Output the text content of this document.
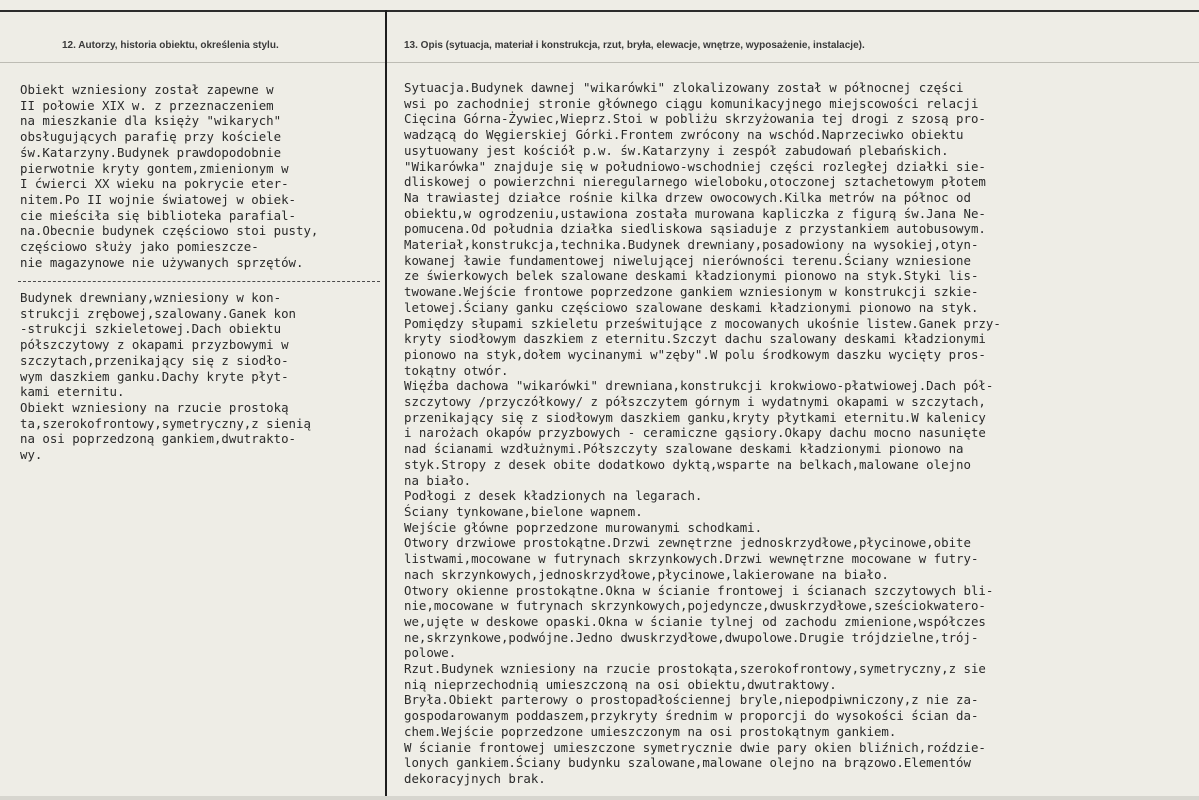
12. Autorzy, historia obiektu, określenia stylu.	13. Opis (sytuacja, materiał i konstrukcja, rzut, bryła, elewacje, wnętrze, wyposażenie, instalacje).
Obiekt wzniesiony został zapewne w
II połowie XIX w. z przeznaczeniem
na mieszkanie dla księży "wikarych"
obsługujących parafię przy kościele
św.Katarzyny.Budynek prawdopodobnie
pierwotnie kryty gontem,zmienionym w
I ćwierci XX wieku na pokrycie eter-
nitem.Po II wojnie światowej w obiek-
cie mieściła się biblioteka parafial-
na.Obecnie budynek częściowo stoi pusty,
częściowo służy jako pomieszcze-
nie magazynowe nie używanych sprzętów.
Budynek drewniany,wzniesiony w kon-
strukcji zrębowej,szalowany.Ganek kon
-strukcji szkieletowej.Dach obiektu
półszczytowy z okapami przyzbowymi w
szczytach,przenikający się z siodło-
wym daszkiem ganku.Dachy kryte płyt-
kami eternitu.
Obiekt wzniesiony na rzucie prostoką
ta,szerokofrontowy,symetryczny,z sienią
na osi poprzedzoną gankiem,dwutrakto-
wy.
Sytuacja.Budynek dawnej "wikarówki" zlokalizowany został w północnej części
wsi po zachodniej stronie głównego ciągu komunikacyjnego miejscowości relacji
Cięcina Górna-Żywiec,Wieprz.Stoi w pobliżu skrzyżowania tej drogi z szosą pro-
wadzącą do Węgierskiej Górki.Frontem zwrócony na wschód.Naprzeciwko obiektu
usytuowany jest kościół p.w. św.Katarzyny i zespół zabudowań plebańskich.
"Wikarówka" znajduje się w południowo-wschodniej części rozległej działki sie-
dliskowej o powierzchni nieregularnego wieloboku,otoczonej sztachetowym płotem
Na trawiastej działce rośnie kilka drzew owocowych.Kilka metrów na północ od
obiektu,w ogrodzeniu,ustawiona została murowana kapliczka z figurą św.Jana Ne-
pomucena.Od południa działka siedliskowa sąsiaduje z przystankiem autobusowym.
Materiał,konstrukcja,technika.Budynek drewniany,posadowiony na wysokiej,otyn-
kowanej ławie fundamentowej niwelującej nierówności terenu.Ściany wzniesione
ze świerkowych belek szalowane deskami kładzionymi pionowo na styk.Styki lis-
twowane.Wejście frontowe poprzedzone gankiem wzniesionym w konstrukcji szkie-
letowej.Ściany ganku częściowo szalowane deskami kładzionymi pionowo na styk.
Pomiędzy słupami szkieletu prześwitujące z mocowanych ukośnie listew.Ganek przy-
kryty siodłowym daszkiem z eternitu.Szczyt dachu szalowany deskami kładzionymi
pionowo na styk,dołem wycinanymi w"zęby".W polu środkowym daszku wycięty pros-
tokątny otwór.
Więźba dachowa "wikarówki" drewniana,konstrukcji krokwiowo-płatwiowej.Dach pół-
szczytowy /przyczółkowy/ z półszczytem górnym i wydatnymi okapami w szczytach,
przenikający się z siodłowym daszkiem ganku,kryty płytkami eternitu.W kalenicy
i narożach okapów przyzbowych - ceramiczne gąsiory.Okapy dachu mocno nasunięte
nad ścianami wzdłużnymi.Półszczyty szalowane deskami kładzionymi pionowo na
styk.Stropy z desek obite dodatkowo dyktą,wsparte na belkach,malowane olejno
na biało.
Podłogi z desek kładzionych na legarach.
Ściany tynkowane,bielone wapnem.
Wejście główne poprzedzone murowanymi schodkami.
Otwory drzwiowe prostokątne.Drzwi zewnętrzne jednoskrzydłowe,płycinowe,obite
listwami,mocowane w futrynach skrzynkowych.Drzwi wewnętrzne mocowane w futry-
nach skrzynkowych,jednoskrzydłowe,płycinowe,lakierowane na biało.
Otwory okienne prostokątne.Okna w ścianie frontowej i ścianach szczytowych bli-
nie,mocowane w futrynach skrzynkowych,pojedyncze,dwuskrzydłowe,sześciokwatero-
we,ujęte w deskowe opaski.Okna w ścianie tylnej od zachodu zmienione,współczes
ne,skrzynkowe,podwójne.Jedno dwuskrzydłowe,dwupolowe.Drugie trójdzielne,trój-
polowe.
Rzut.Budynek wzniesiony na rzucie prostokąta,szerokofrontowy,symetryczny,z sie
nią nieprzechodnią umieszczoną na osi obiektu,dwutraktowy.
Bryła.Obiekt parterowy o prostopadłościennej bryle,niepodpiwniczony,z nie za-
gospodarowanym poddaszem,przykryty średnim w proporcji do wysokości ścian da-
chem.Wejście poprzedzone umieszczonym na osi prostokątnym gankiem.
W ścianie frontowej umieszczone symetrycznie dwie pary okien bliźnich,roździe-
lonych gankiem.Ściany budynku szalowane,malowane olejno na brązowo.Elementów
dekoracyjnych brak.
